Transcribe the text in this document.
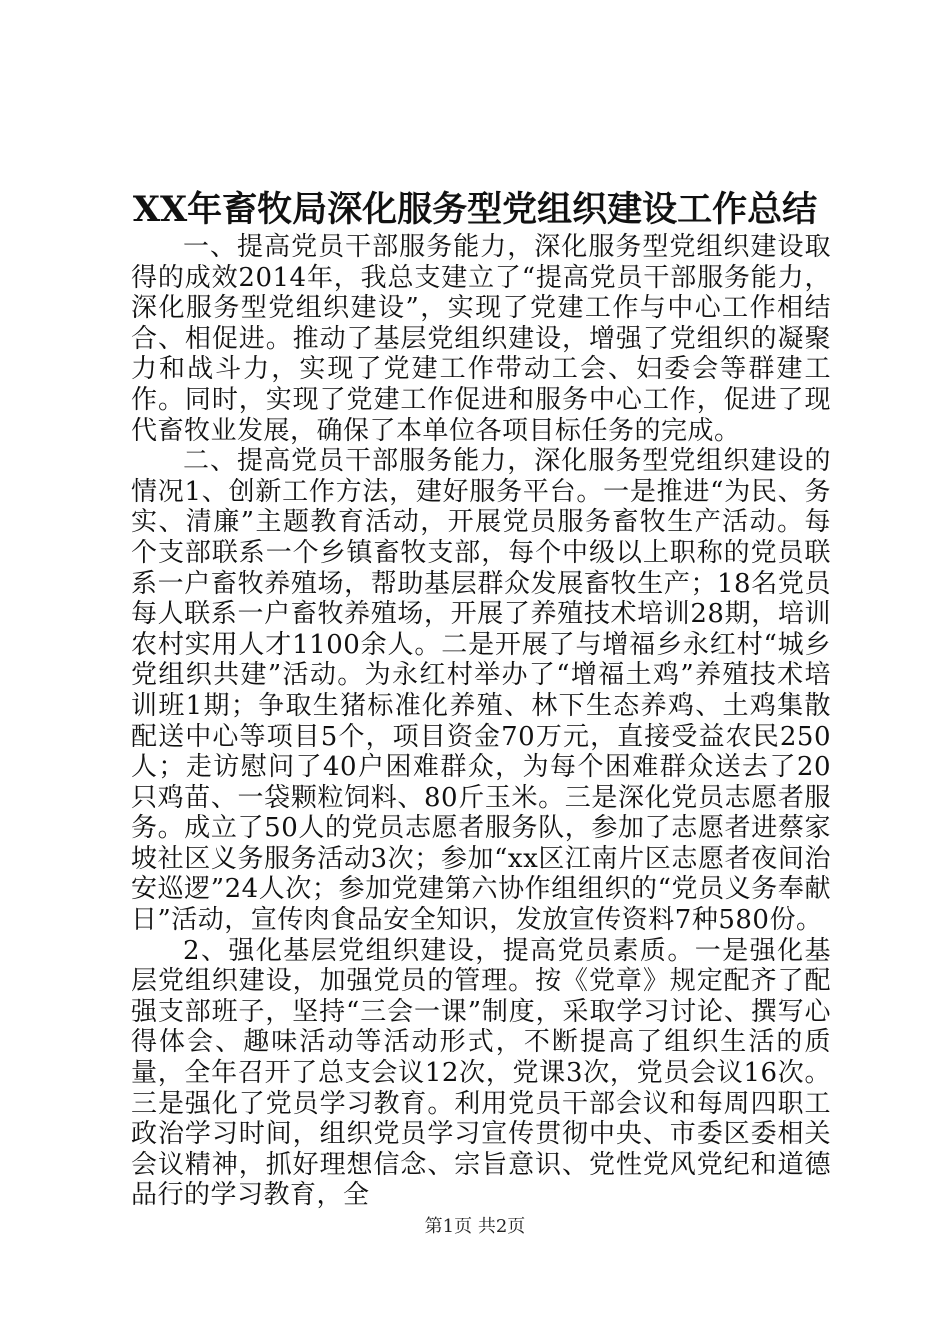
XX年畜牧局深化服务型党组织建设工作总结

一、提高党员干部服务能力，深化服务型党组织建设取得的成效2014年，我总支建立了“提高党员干部服务能力，深化服务型党组织建设”，实现了党建工作与中心工作相结合、相促进。推动了基层党组织建设，增强了党组织的凝聚力和战斗力，实现了党建工作带动工会、妇委会等群建工作。同时，实现了党建工作促进和服务中心工作，促进了现代畜牧业发展，确保了本单位各项目标任务的完成。

二、提高党员干部服务能力，深化服务型党组织建设的情况1、创新工作方法，建好服务平台。一是推进“为民、务实、清廉”主题教育活动，开展党员服务畜牧生产活动。每个支部联系一个乡镇畜牧支部，每个中级以上职称的党员联系一户畜牧养殖场，帮助基层群众发展畜牧生产；18名党员每人联系一户畜牧养殖场，开展了养殖技术培训28期，培训农村实用人才1100余人。二是开展了与增福乡永红村“城乡党组织共建”活动。为永红村举办了“增福土鸡”养殖技术培训班1期；争取生猪标准化养殖、林下生态养鸡、土鸡集散配送中心等项目5个，项目资金70万元，直接受益农民250人；走访慰问了40户困难群众，为每个困难群众送去了20只鸡苗、一袋颗粒饲料、80斤玉米。三是深化党员志愿者服务。成立了50人的党员志愿者服务队，参加了志愿者进蔡家坡社区义务服务活动3次；参加“xx区江南片区志愿者夜间治安巡逻”24人次；参加党建第六协作组组织的“党员义务奉献日”活动，宣传肉食品安全知识，发放宣传资料7种580份。

2、强化基层党组织建设，提高党员素质。一是强化基层党组织建设，加强党员的管理。按《党章》规定配齐了配强支部班子，坚持“三会一课”制度，采取学习讨论、撰写心得体会、趣味活动等活动形式，不断提高了组织生活的质量，全年召开了总支会议12次，党课3次，党员会议16次。三是强化了党员学习教育。利用党员干部会议和每周四职工政治学习时间，组织党员学习宣传贯彻中央、市委区委相关会议精神，抓好理想信念、宗旨意识、党性党风党纪和道德品行的学习教育，全

第1页 共2页
